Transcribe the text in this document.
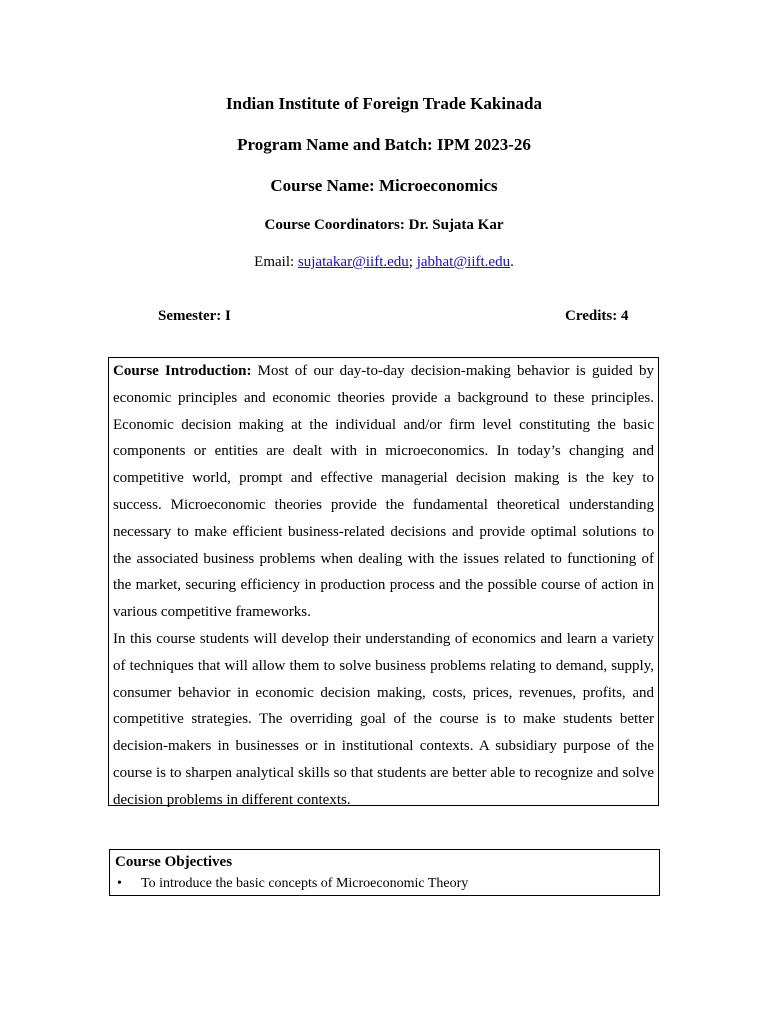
Indian Institute of Foreign Trade Kakinada
Program Name and Batch: IPM 2023-26
Course Name: Microeconomics
Course Coordinators: Dr. Sujata Kar
Email: sujatakar@iift.edu; jabhat@iift.edu.
Semester: I	Credits: 4

Course Introduction: Most of our day-to-day decision-making behavior is guided by economic principles and economic theories provide a background to these principles. Economic decision making at the individual and/or firm level constituting the basic components or entities are dealt with in microeconomics. In today’s changing and competitive world, prompt and effective managerial decision making is the key to success. Microeconomic theories provide the fundamental theoretical understanding necessary to make efficient business-related decisions and provide optimal solutions to the associated business problems when dealing with the issues related to functioning of the market, securing efficiency in production process and the possible course of action in various competitive frameworks.

In this course students will develop their understanding of economics and learn a variety of techniques that will allow them to solve business problems relating to demand, supply, consumer behavior in economic decision making, costs, prices, revenues, profits, and competitive strategies. The overriding goal of the course is to make students better decision-makers in businesses or in institutional contexts. A subsidiary purpose of the course is to sharpen analytical skills so that students are better able to recognize and solve decision problems in different contexts.

Course Objectives
• To introduce the basic concepts of Microeconomic Theory
